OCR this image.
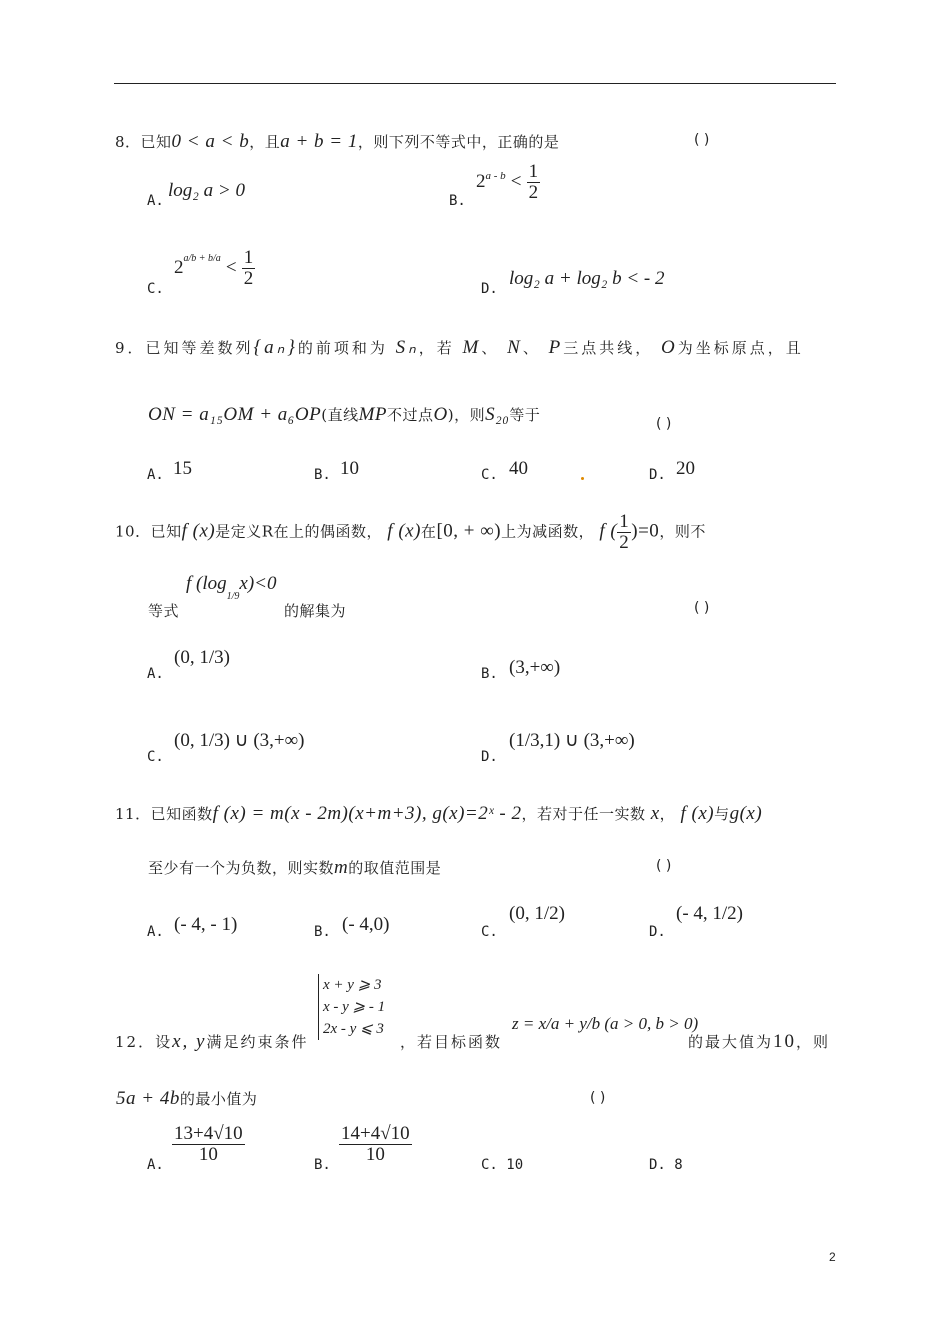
8．已知0 < a < b，且a + b = 1，则下列不等式中，正确的是	( )
A. log₂ a > 0	B.
$2^{a - b} < \frac{1}{2}$
C.
$2^{a/b + b/a} < \frac{1}{2}$	D. log₂ a + log₂ b < - 2
9．已知等差数列{aₙ}的前项和为 Sₙ，若 M、 N、 P三点共线， O为坐标原点，且
ON = a₁₅OM + a₆OP(直线MP不过点O)，则S₂₀等于	( )
A. 15	B. 10	C. 40	D. 20
10．已知f (x)是定义R在上的偶函数， f (x)在[0, + ∞)上为减函数， f ( $\frac{1}{2} )=0$，则不
f $(\log_{1/9}x)<0$
等式	的解集为	( )
A.
(0, 1/3)
B. (3,+∞)
C.
(0, 1/3) ∪ (3,+∞)
D.
(1/3,1) ∪ (3,+∞)
11．已知函数f (x) = m(x - 2m)(x+m+3), g(x)=2ˣ - 2，若对于任一实数 x， f (x)与g(x)
至少有一个为负数，则实数m的取值范围是	( )
A. (- 4, - 1)	B. (- 4,0)	C.
(0, 1/2)
D.
(- 4, 1/2)
x + y ⩾ 3
x - y ⩾ - 1
2x - y ⩽ 3
12．设x, y满足约束条件	，若目标函数
z = x/a + y/b (a > 0, b > 0)
的最大值为10，则
5a + 4b的最小值为	( )
A. $\frac{13+4√10}{10}$	B. $\frac{14+4√10}{10}$	C. 10	D. 8
2
